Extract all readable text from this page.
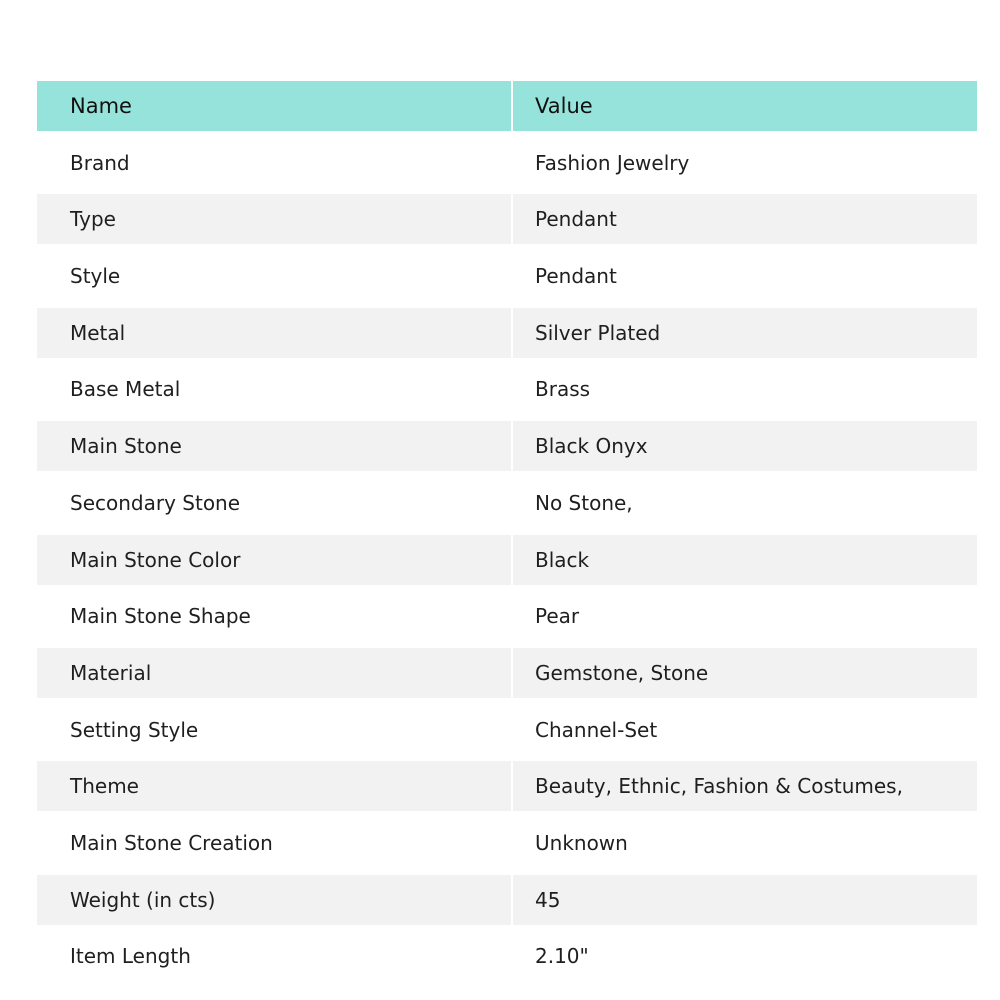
Name	Value
Brand	Fashion Jewelry
Type	Pendant
Style	Pendant
Metal	Silver Plated
Base Metal	Brass
Main Stone	Black Onyx
Secondary Stone	No Stone,
Main Stone Color	Black
Main Stone Shape	Pear
Material	Gemstone, Stone
Setting Style	Channel-Set
Theme	Beauty, Ethnic, Fashion & Costumes,
Main Stone Creation	Unknown
Weight (in cts)	45
Item Length	2.10"
